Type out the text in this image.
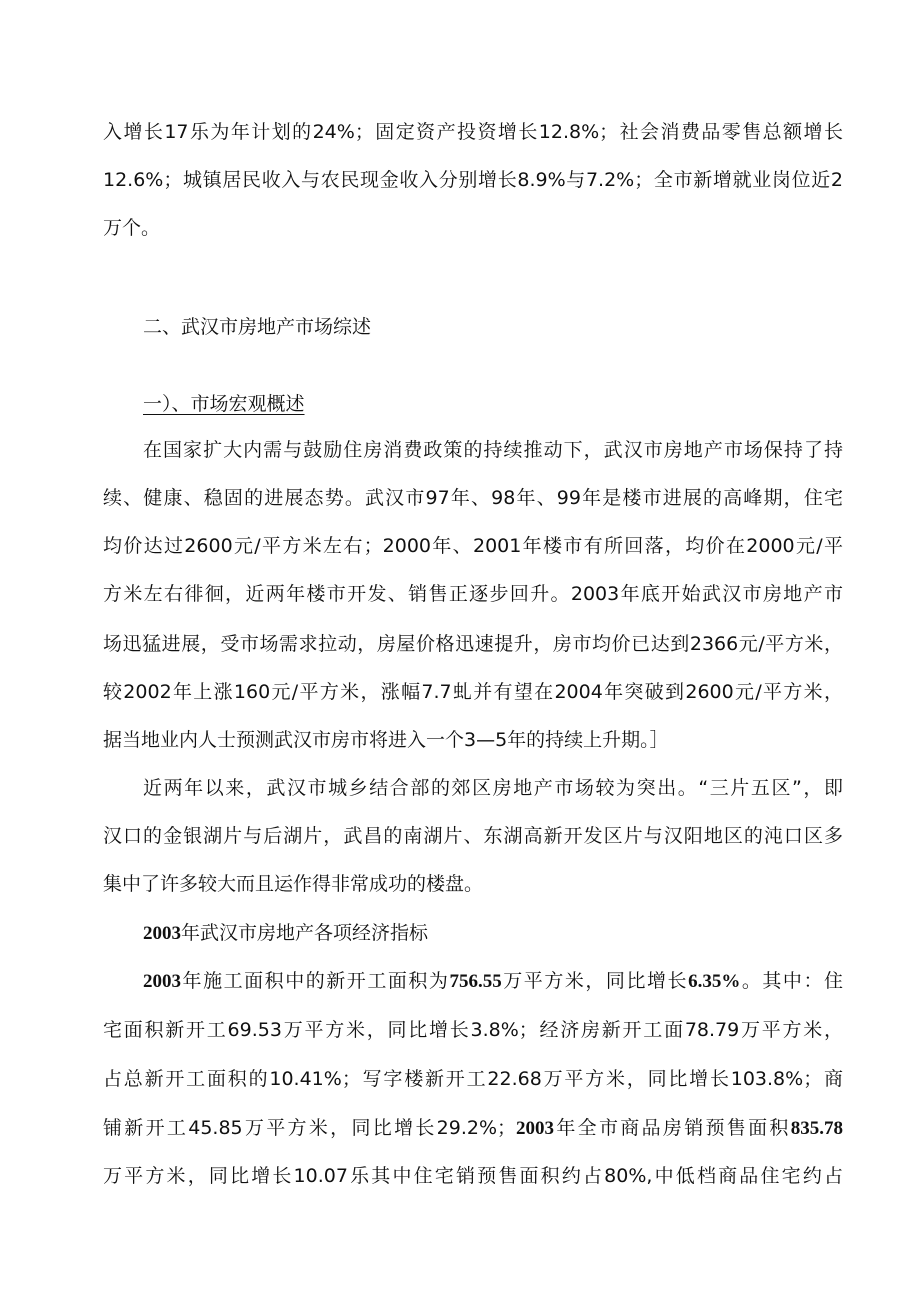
入增长17乐为年计划的24%；固定资产投资增长12.8%；社会消费品零售总额增长
12.6%；城镇居民收入与农民现金收入分别增长8.9%与7.2%；全市新增就业岗位近2
万个。
二、武汉市房地产市场综述
一）、市场宏观概述
在国家扩大内需与鼓励住房消费政策的持续推动下，武汉市房地产市场保持了持
续、健康、稳固的进展态势。武汉市97年、98年、99年是楼市进展的高峰期，住宅
均价达过2600元/平方米左右；2000年、2001年楼市有所回落，均价在2000元/平
方米左右徘徊，近两年楼市开发、销售正逐步回升。2003年底开始武汉市房地产市
场迅猛进展，受市场需求拉动，房屋价格迅速提升，房市均价已达到2366元/平方米，
较2002年上涨160元/平方米，涨幅7.7虬并有望在2004年突破到2600元/平方米，
据当地业内人士预测武汉市房市将进入一个3—5年的持续上升期。］
近两年以来，武汉市城乡结合部的郊区房地产市场较为突出。“三片五区”，即
汉口的金银湖片与后湖片，武昌的南湖片、东湖高新开发区片与汉阳地区的沌口区多
集中了许多较大而且运作得非常成功的楼盘。
2003年武汉市房地产各项经济指标
2003年施工面积中的新开工面积为756.55万平方米，同比增长6.35%。其中：住
宅面积新开工69.53万平方米，同比增长3.8%；经济房新开工面78.79万平方米，
占总新开工面积的10.41%；写字楼新开工22.68万平方米，同比增长103.8%；商
铺新开工45.85万平方米，同比增长29.2%；2003年全市商品房销预售面积835.78
万平方米，同比增长10.07乐其中住宅销预售面积约占80%,中低档商品住宅约占
